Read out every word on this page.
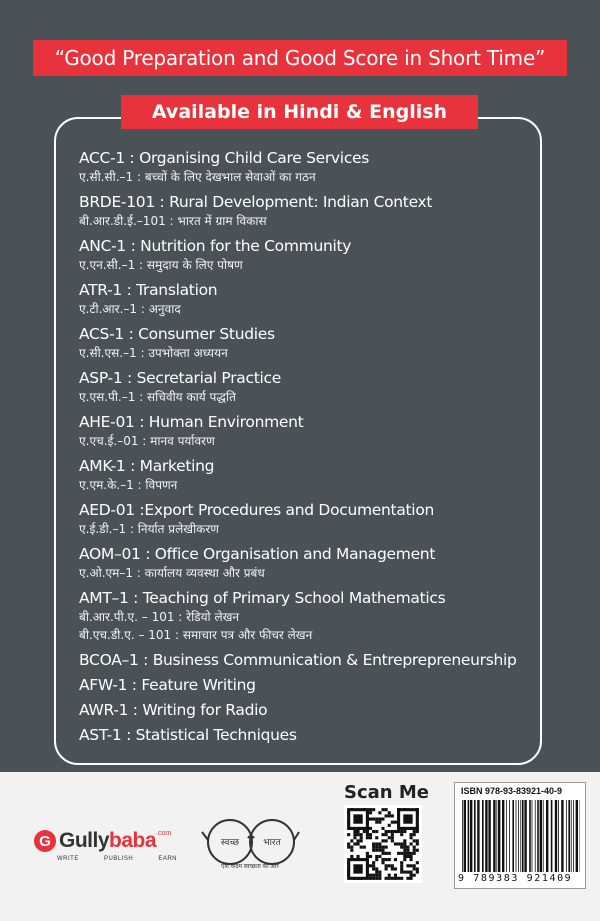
“Good Preparation and Good Score in Short Time”
Available in Hindi & English
ACC-1 : Organising Child Care Services
ए.सी.सी.–1 : बच्चों के लिए देखभाल सेवाओं का गठन
BRDE-101 : Rural Development: Indian Context
बी.आर.डी.ई.–101 : भारत में ग्राम विकास
ANC-1 : Nutrition for the Community
ए.एन.सी.–1 : समुदाय के लिए पोषण
ATR-1 : Translation
ए.टी.आर.–1 : अनुवाद
ACS-1 : Consumer Studies
ए.सी.एस.–1 : उपभोक्ता अध्ययन
ASP-1 : Secretarial Practice
ए.एस.पी.–1 : सचिवीय कार्य पद्धति
AHE-01 : Human Environment
ए.एच.ई.–01 : मानव पर्यावरण
AMK-1 : Marketing
ए.एम.के.–1 : विपणन
AED-01 :Export Procedures and Documentation
ए.ई.डी.–1 : निर्यात प्रलेखीकरण
AOM–01 : Office Organisation and Management
ए.ओ.एम–1 : कार्यालय व्यवस्था और प्रबंध
AMT–1 : Teaching of Primary School Mathematics
बी.आर.पी.ए. – 101 : रेडियो लेखन
बी.एच.डी.ए. – 101 : समाचार पत्र और फीचर लेखन
BCOA–1 : Business Communication & Entreprepreneurship
AFW-1 : Feature Writing
AWR-1 : Writing for Radio
AST-1 : Statistical Techniques
G Gullybaba .com
WRITE	PUBLISH	EARN
स्वच्छ	भारत
एक कदम स्वच्छता की ओर
Scan Me	ISBN 978-93-83921-40-9
9 789383 921409
